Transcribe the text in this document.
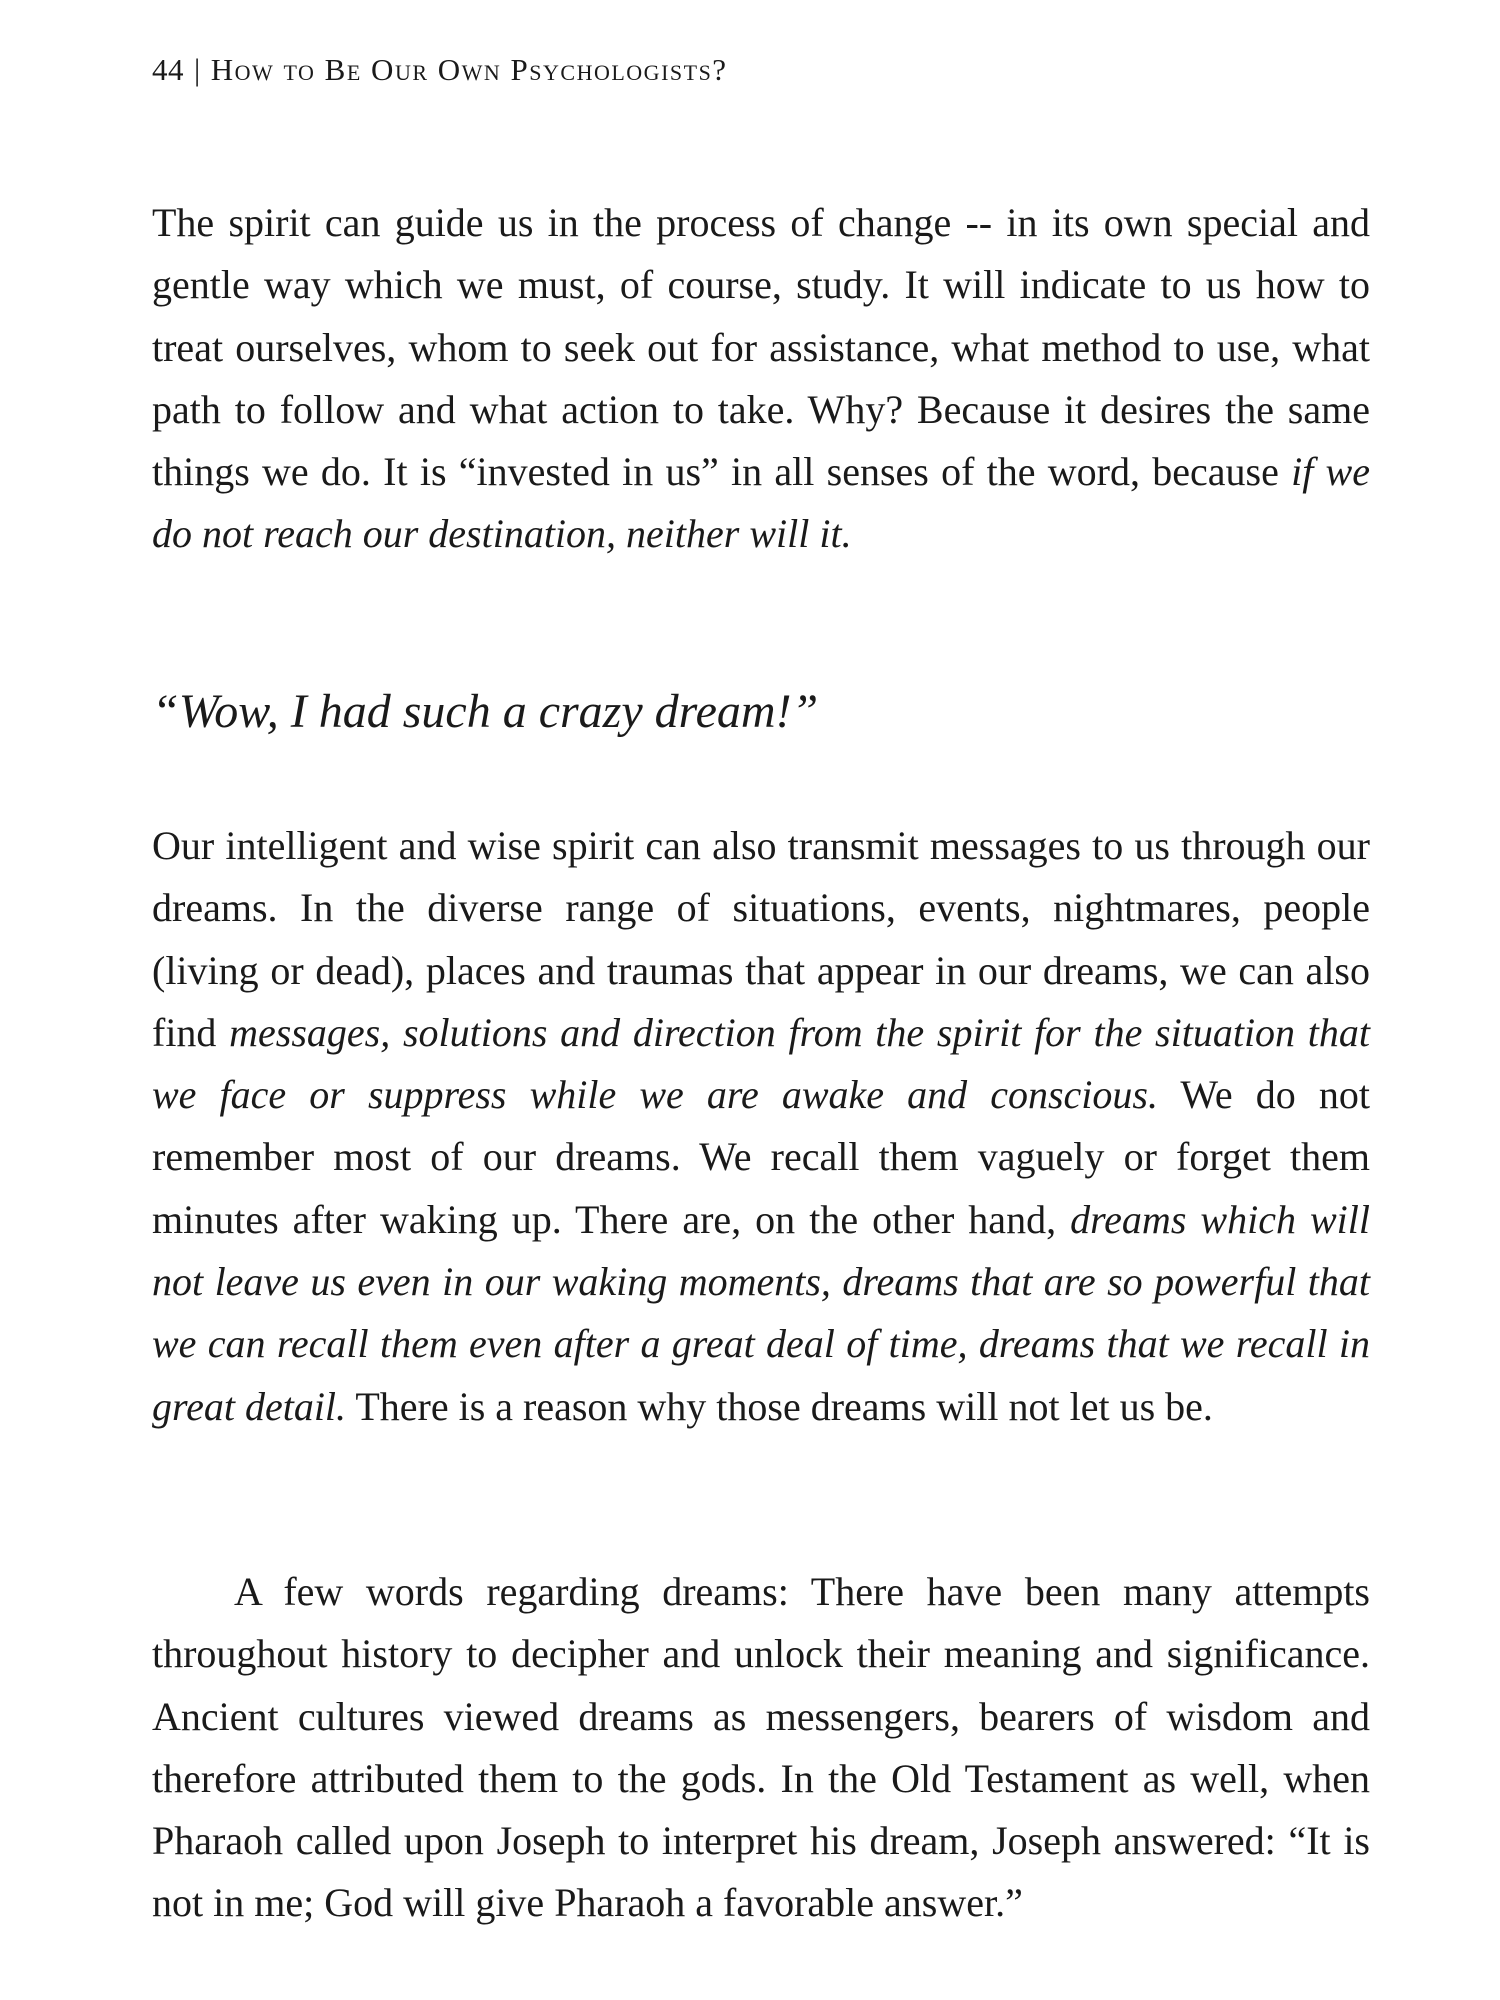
44 | How to Be Our Own Psychologists?

The spirit can guide us in the process of change -- in its own special and gentle way which we must, of course, study. It will indicate to us how to treat ourselves, whom to seek out for assistance, what method to use, what path to follow and what action to take. Why? Because it desires the same things we do. It is “invested in us” in all senses of the word, because if we do not reach our destination, neither will it.

“Wow, I had such a crazy dream!”

Our intelligent and wise spirit can also transmit messages to us through our dreams. In the diverse range of situations, events, nightmares, people (living or dead), places and traumas that appear in our dreams, we can also find messages, solutions and direction from the spirit for the situation that we face or suppress while we are awake and conscious. We do not remember most of our dreams. We recall them vaguely or forget them minutes after waking up. There are, on the other hand, dreams which will not leave us even in our waking moments, dreams that are so powerful that we can recall them even after a great deal of time, dreams that we recall in great detail. There is a reason why those dreams will not let us be.

A few words regarding dreams: There have been many attempts throughout history to decipher and unlock their meaning and significance. Ancient cultures viewed dreams as messengers, bearers of wisdom and therefore attributed them to the gods. In the Old Testament as well, when Pharaoh called upon Joseph to interpret his dream, Joseph answered: “It is not in me; God will give Pharaoh a favorable answer.”
